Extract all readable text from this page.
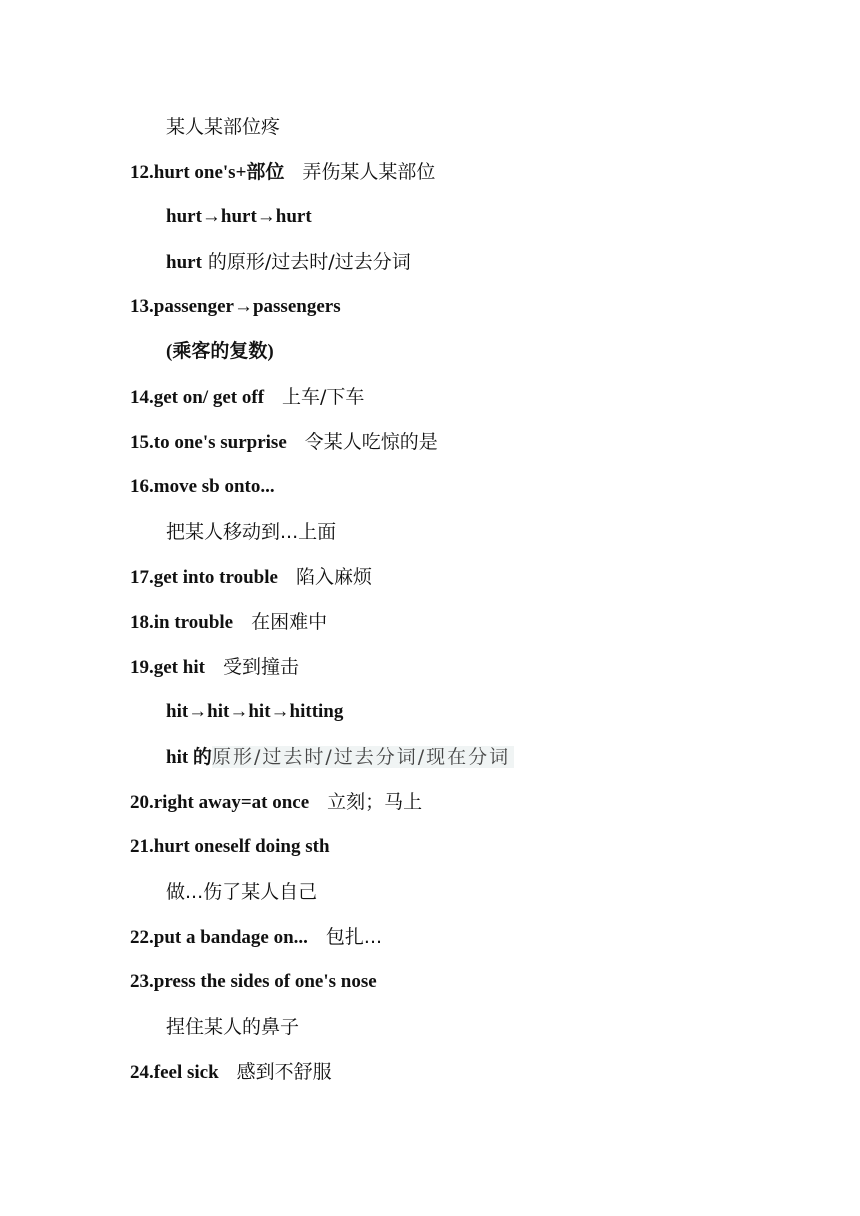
某人某部位疼
12.hurt one's+部位 弄伤某人某部位
hurt→hurt→hurt
hurt 的原形/过去时/过去分词
13.passenger→passengers
(乘客的复数)
14.get on/ get off 上车/下车
15.to one's surprise 令某人吃惊的是
16.move sb onto...
把某人移动到...上面
17.get into trouble 陷入麻烦
18.in trouble 在困难中
19.get hit 受到撞击
hit→hit→hit→hitting
hit 的原形/过去时/过去分词/现在分词
20.right away=at once 立刻；马上
21.hurt oneself doing sth
做...伤了某人自己
22.put a bandage on... 包扎...
23.press the sides of one's nose
捏住某人的鼻子
24.feel sick 感到不舒服
